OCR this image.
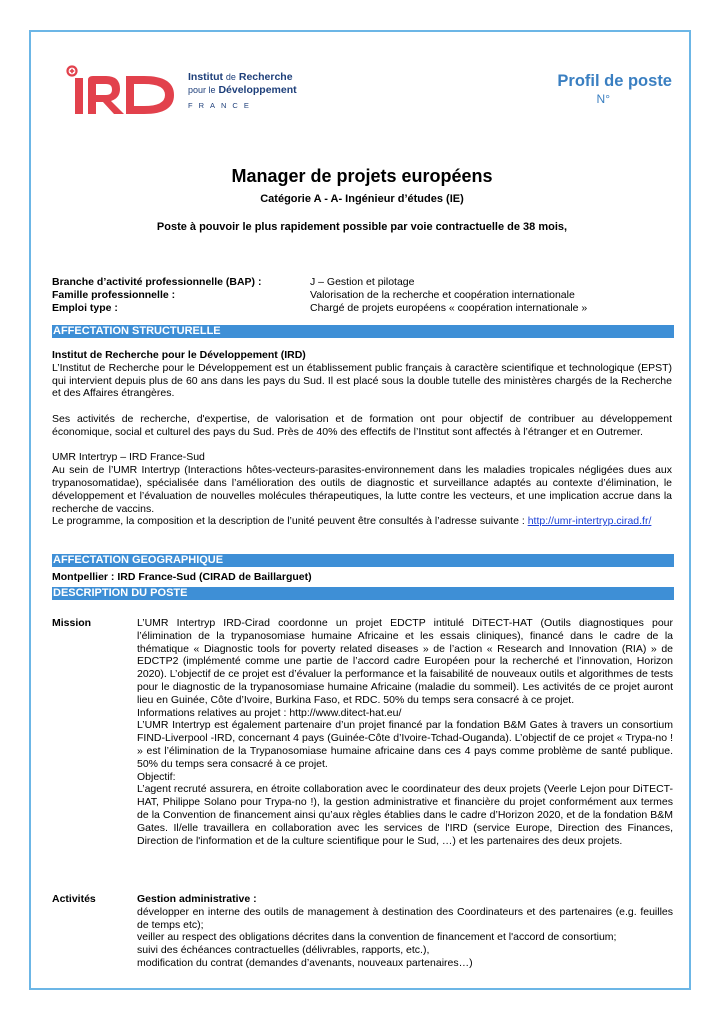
Institut de Recherche
pour le Développement
FRANCE
Profil de poste
N°
Manager de projets européens
Catégorie A - A- Ingénieur d’études (IE)
Poste à pouvoir le plus rapidement possible par voie contractuelle de 38 mois,
Branche d’activité professionnelle (BAP) :	J – Gestion et pilotage
Famille professionnelle :	Valorisation de la recherche et coopération internationale
Emploi type :	Chargé de projets européens « coopération internationale »
AFFECTATION STRUCTURELLE

Institut de Recherche pour le Développement (IRD)

L’Institut de Recherche pour le Développement est un établissement public français à caractère scientifique et technologique (EPST) qui intervient depuis plus de 60 ans dans les pays du Sud. Il est placé sous la double tutelle des ministères chargés de la Recherche et des Affaires étrangères.

Ses activités de recherche, d'expertise, de valorisation et de formation ont pour objectif de contribuer au développement économique, social et culturel des pays du Sud. Près de 40% des effectifs de l’Institut sont affectés à l’étranger et en Outremer.

UMR Intertryp – IRD France-Sud

Au sein de l’UMR Intertryp (Interactions hôtes-vecteurs-parasites-environnement dans les maladies tropicales négligées dues aux trypanosomatidae), spécialisée dans l’amélioration des outils de diagnostic et surveillance adaptés au contexte d’élimination, le développement et l’évaluation de nouvelles molécules thérapeutiques, la lutte contre les vecteurs, et une implication accrue dans la recherche de vaccins.

Le programme, la composition et la description de l’unité peuvent être consultés à l’adresse suivante : http://umr-intertryp.cirad.fr/

AFFECTATION GEOGRAPHIQUE
Montpellier : IRD France-Sud (CIRAD de Baillarguet)
DESCRIPTION DU POSTE
Mission	L’UMR Intertryp IRD-Cirad coordonne un projet EDCTP intitulé DiTECT-HAT (Outils diagnostiques pour l’élimination de la trypanosomiase humaine Africaine et les essais cliniques), financé dans le cadre de la thématique « Diagnostic tools for poverty related diseases » de l’action « Research and Innovation (RIA) » de EDCTP2 (implémenté comme une partie de l’accord cadre Européen pour la recherché et l’innovation, Horizon 2020). L’objectif de ce projet est d’évaluer la performance et la faisabilité de nouveaux outils et algorithmes de tests pour le diagnostic de la trypanosomiase humaine Africaine (maladie du sommeil). Les activités de ce projet auront lieu en Guinée, Côte d’Ivoire, Burkina Faso, et RDC. 50% du temps sera consacré à ce projet.

Informations relatives au projet : http://www.ditect-hat.eu/

L’UMR Intertryp est également partenaire d’un projet financé par la fondation B&M Gates à travers un consortium FIND-Liverpool -IRD, concernant 4 pays (Guinée-Côte d’Ivoire-Tchad-Ouganda). L’objectif de ce projet « Trypa-no ! » est l’élimination de la Trypanosomiase humaine africaine dans ces 4 pays comme problème de santé publique. 50% du temps sera consacré à ce projet.

Objectif:

L’agent recruté assurera, en étroite collaboration avec le coordinateur des deux projets (Veerle Lejon pour DiTECT-HAT, Philippe Solano pour Trypa-no !), la gestion administrative et financière du projet conformément aux termes de la Convention de financement ainsi qu’aux règles établies dans le cadre d’Horizon 2020, et de la fondation B&M Gates. Il/elle travaillera en collaboration avec les services de l'IRD (service Europe, Direction des Finances, Direction de l'information et de la culture scientifique pour le Sud, …) et les partenaires des deux projets.

Activités	Gestion administrative :

développer en interne des outils de management à destination des Coordinateurs et des partenaires (e.g. feuilles de temps etc);

veiller au respect des obligations décrites dans la convention de financement et l'accord de consortium;

suivi des échéances contractuelles (délivrables, rapports, etc.),

modification du contrat (demandes d’avenants, nouveaux partenaires…)
